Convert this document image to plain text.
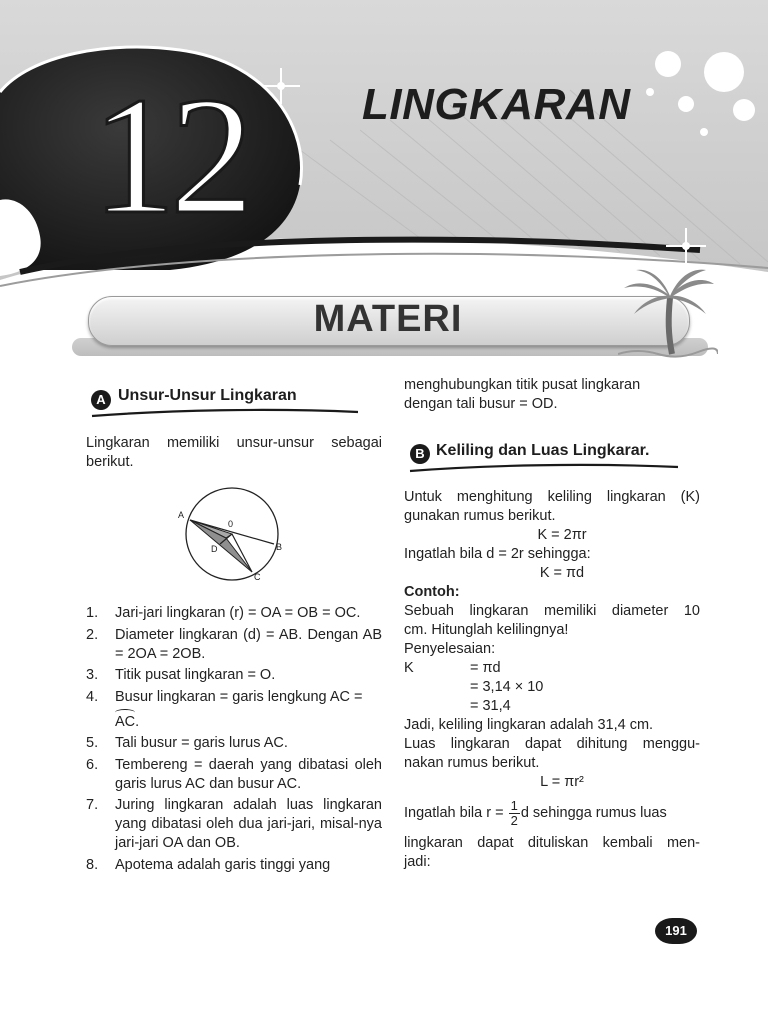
12	LINGKARAN
MATERI
A Unsur-Unsur Lingkaran
Lingkaran memiliki unsur-unsur sebagai
berikut.
A
0
D	B
C
1. Jari-jari lingkaran (r) = OA = OB = OC.
2. Diameter lingkaran (d) = AB. Dengan AB = 2OA = 2OB.
3. Titik pusat lingkaran = O.
4. Busur lingkaran = garis lengkung AC =
AC.
5. Tali busur = garis lurus AC.
6. Tembereng = daerah yang dibatasi oleh garis lurus AC dan busur AC.
7. Juring lingkaran adalah luas lingkaran yang dibatasi oleh dua jari-jari, misal-nya jari-jari OA dan OB.
8. Apotema adalah garis tinggi yang
menghubungkan titik pusat lingkaran
dengan tali busur = OD.
B Keliling dan Luas Lingkarar.
Untuk menghitung keliling lingkaran (K)
gunakan rumus berikut.
K = 2πr
Ingatlah bila d = 2r sehingga:
K = πd
Contoh:
Sebuah lingkaran memiliki diameter 10
cm. Hitunglah kelilingnya!
Penyelesaian:
K	= πd
= 3,14 × 10
= 31,4
Jadi, keliling lingkaran adalah 31,4 cm.
Luas lingkaran dapat dihitung menggu-
nakan rumus berikut.
L = πr²
Ingatlah bila $r = \frac{1}{2}$ d sehingga rumus luas
lingkaran dapat dituliskan kembali men-
jadi:
191
